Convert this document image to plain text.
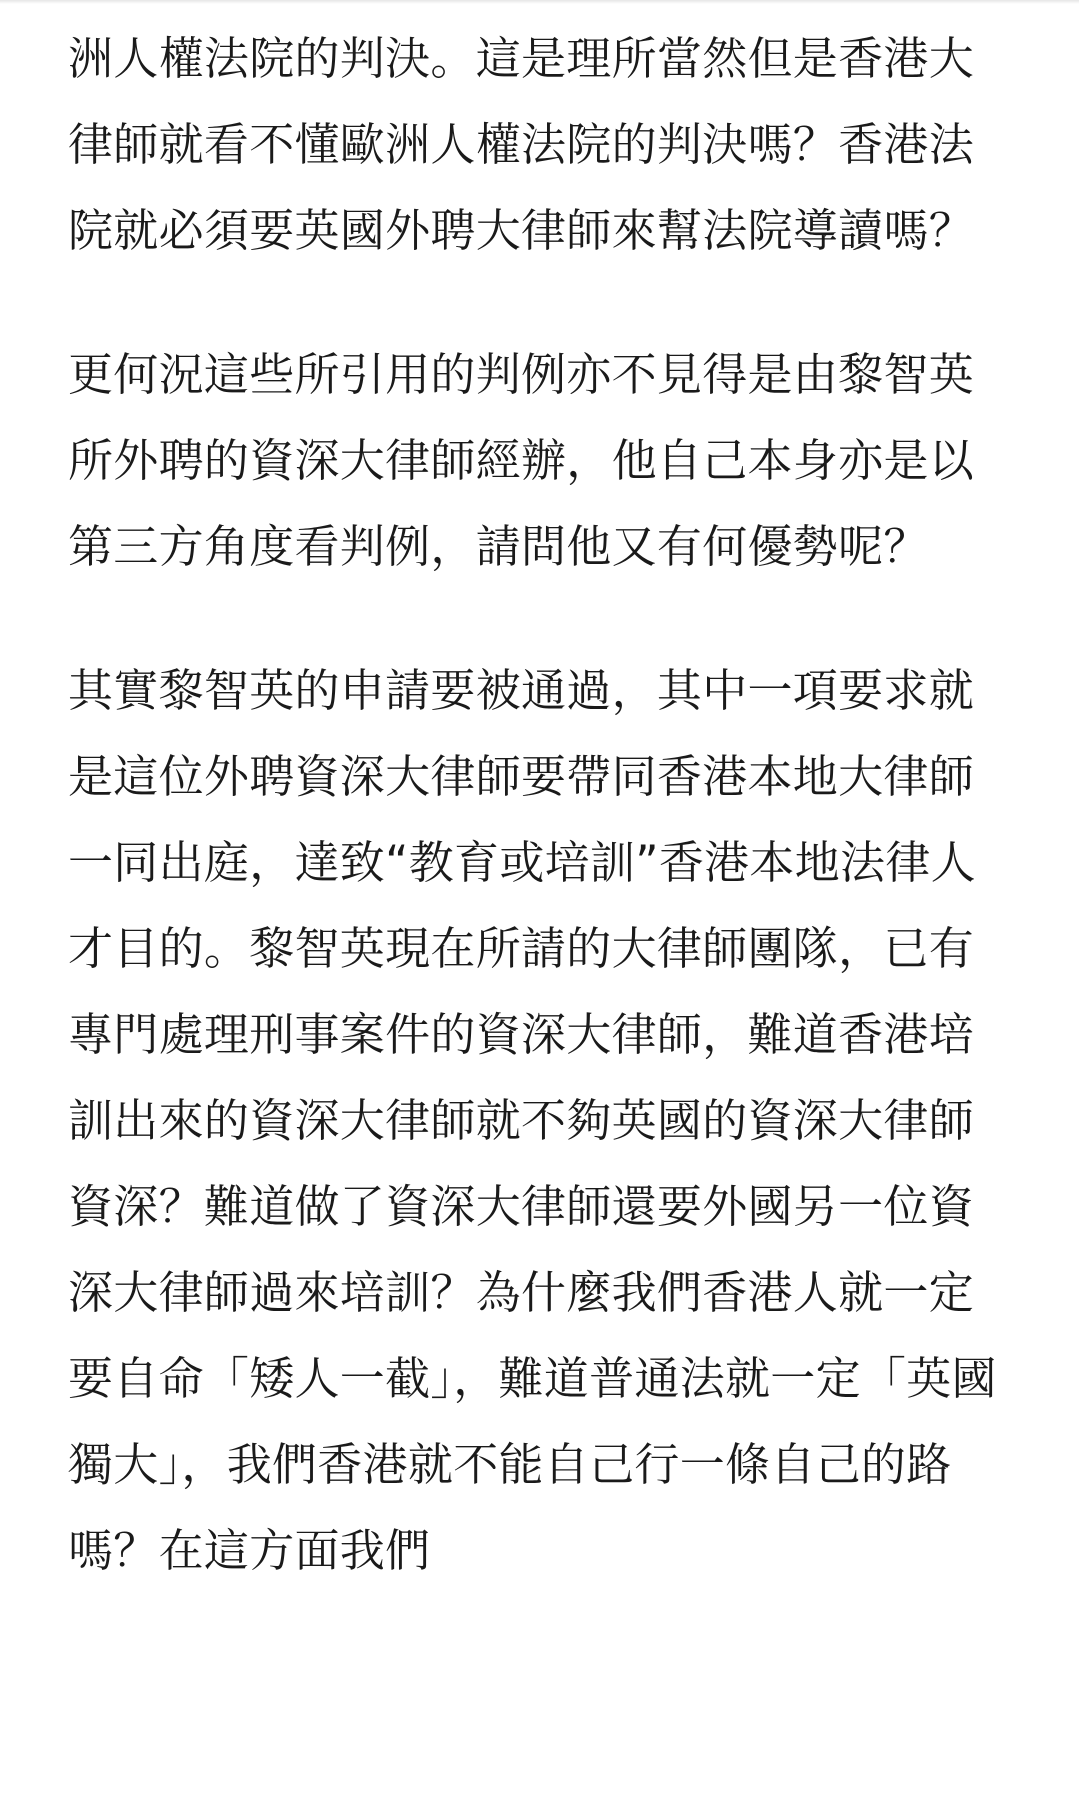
洲人權法院的判決。這是理所當然但是香港大律師就看不懂歐洲人權法院的判決嗎？香港法院就必須要英國外聘大律師來幫法院導讀嗎？

更何況這些所引用的判例亦不見得是由黎智英所外聘的資深大律師經辦，他自己本身亦是以第三方角度看判例，請問他又有何優勢呢？

其實黎智英的申請要被通過，其中一項要求就是這位外聘資深大律師要帶同香港本地大律師一同出庭，達致“教育或培訓”香港本地法律人才目的。黎智英現在所請的大律師團隊，已有專門處理刑事案件的資深大律師，難道香港培訓出來的資深大律師就不夠英國的資深大律師資深？難道做了資深大律師還要外國另一位資深大律師過來培訓？為什麼我們香港人就一定要自命「矮人一截」，難道普通法就一定「英國獨大」，我們香港就不能自己行一條自己的路嗎？在這方面我們
